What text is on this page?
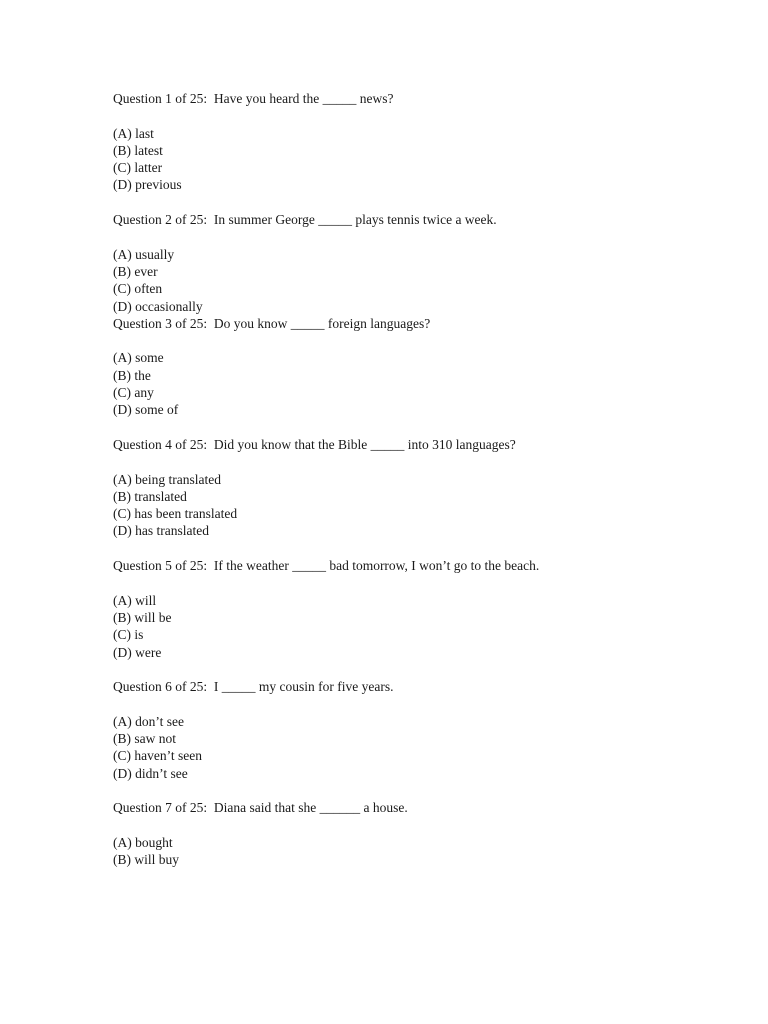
Question 1 of 25:  Have you heard the _____ news?
(A) last
(B) latest
(C) latter
(D) previous
Question 2 of 25:  In summer George _____ plays tennis twice a week.
(A) usually
(B) ever
(C) often
(D) occasionally
Question 3 of 25:  Do you know _____ foreign languages?
(A) some
(B) the
(C) any
(D) some of
Question 4 of 25:  Did you know that the Bible _____ into 310 languages?
(A) being translated
(B) translated
(C) has been translated
(D) has translated
Question 5 of 25:  If the weather _____ bad tomorrow, I won’t go to the beach.
(A) will
(B) will be
(C) is
(D) were
Question 6 of 25:  I _____ my cousin for five years.
(A) don’t see
(B) saw not
(C) haven’t seen
(D) didn’t see
Question 7 of 25:  Diana said that she ______ a house.
(A) bought
(B) will buy
